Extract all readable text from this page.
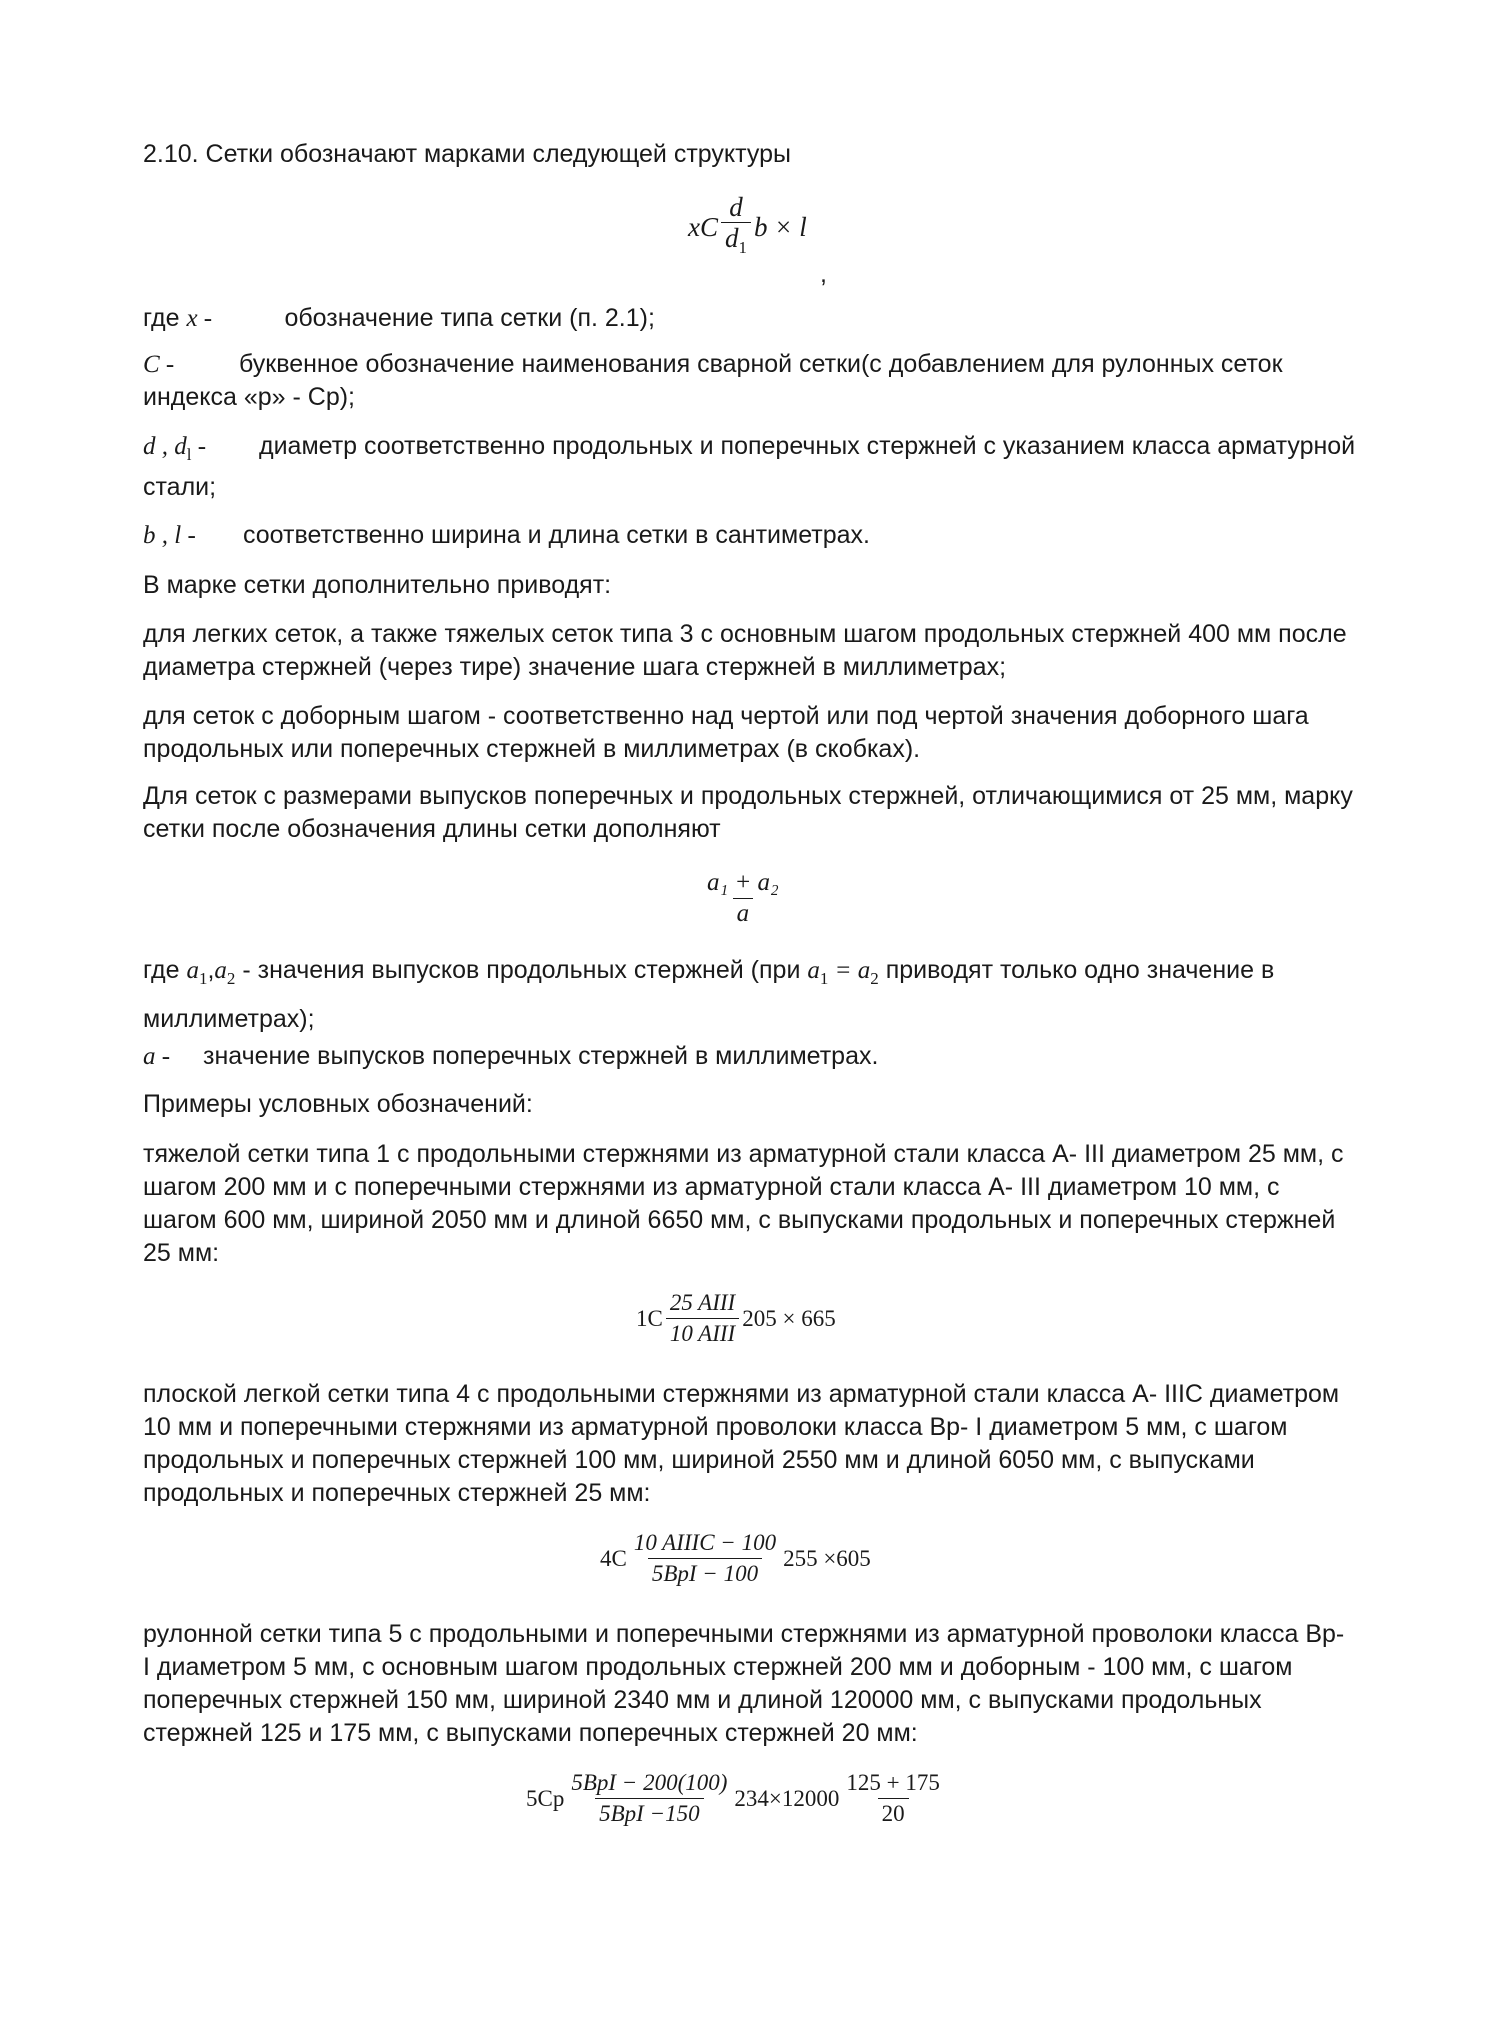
2.10. Сетки обозначают марками следующей структуры

xC $\frac{d}{d_1}$ b × l
,
где
x -	обозначение типа сетки (п. 2.1);
C -	буквенное обозначение наименования сварной сетки(с добавлением для рулонных сеток индекса «р» - Ср);
d , $d_l$ - диаметр соответственно продольных и поперечных стержней с указанием класса арматурной стали;
b , l -	соответственно ширина и длина сетки в сантиметрах.

В марке сетки дополнительно приводят:

для легких сеток, а также тяжелых сеток типа 3 с основным шагом продольных стержней 400 мм после диаметра стержней (через тире) значение шага стержней в миллиметрах;

для сеток с доборным шагом - соответственно над чертой или под чертой значения доборного шага продольных или поперечных стержней в миллиметрах (в скобках).

Для сеток с размерами выпусков поперечных и продольных стержней, отличающимися от 25 мм, марку сетки после обозначения длины сетки дополняют

$\frac{\text{a₁ + a₂}}{a}$

где $a_1,a_2$ - значения выпусков продольных стержней (при $a_1 = a_2$ приводят только одно значение в миллиметрах);

a -	значение выпусков поперечных стержней в миллиметрах.

Примеры условных обозначений:

тяжелой сетки типа 1 с продольными стержнями из арматурной стали класса А- III диаметром 25 мм, с шагом 200 мм и с поперечными стержнями из арматурной стали класса А- III диаметром 10 мм, с шагом 600 мм, шириной 2050 мм и длиной 6650 мм, с выпусками продольных и поперечных стержней 25 мм:

$1С \frac{\text{25 AIII}}{\text{10 AIII}} 205 \times 665$

плоской легкой сетки типа 4 с продольными стержнями из арматурной стали класса А- IIIС диаметром 10 мм и поперечными стержнями из арматурной проволоки класса Вр- I диаметром 5 мм, с шагом продольных и поперечных стержней 100 мм, шириной 2550 мм и длиной 6050 мм, с выпусками продольных и поперечных стержней 25 мм:

$4С \frac{\text{10 AIIIC − 100}}{\text{5BpI − 100}} 255 \times 605$

рулонной сетки типа 5 с продольными и поперечными стержнями из арматурной проволоки класса Вр- I диаметром 5 мм, с основным шагом продольных стержней 200 мм и доборным - 100 мм, с шагом поперечных стержней 150 мм, шириной 2340 мм и длиной 120000 мм, с выпусками продольных стержней 125 и 175 мм, с выпусками поперечных стержней 20 мм:

$5Ср \frac{\text{5BpI − 200(100)}}{\text{5BpI −150}} 234\times 12000 \frac{125 + 175}{20}$
